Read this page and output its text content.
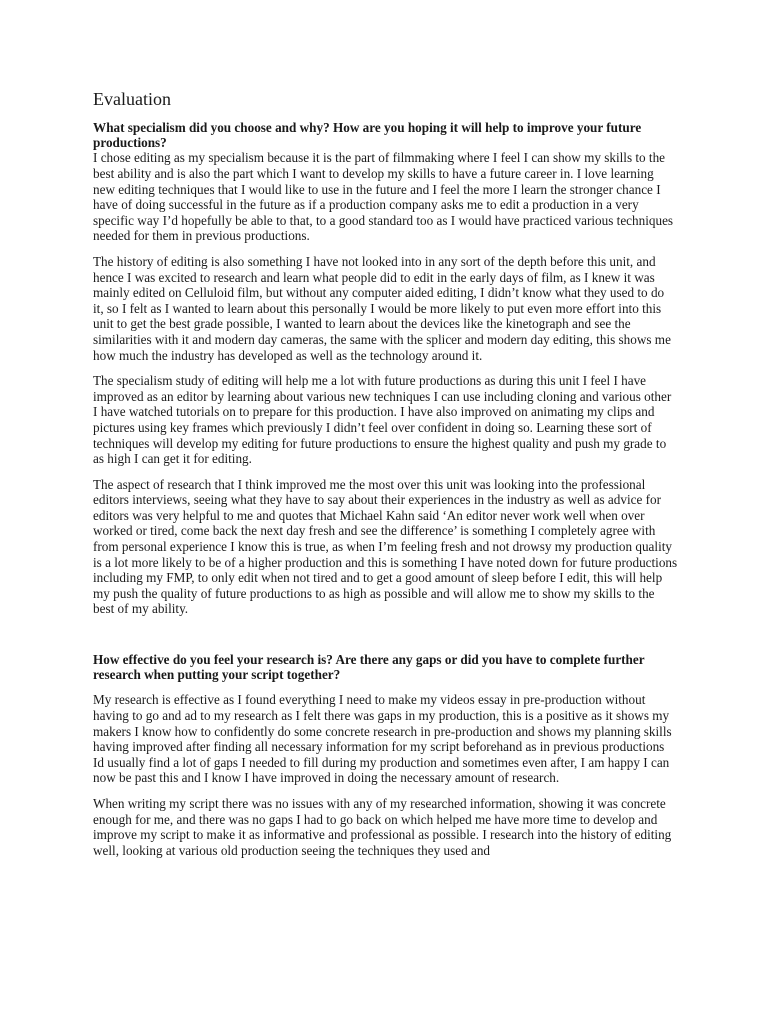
Evaluation
What specialism did you choose and why? How are you hoping it will help to improve your future productions?

I chose editing as my specialism because it is the part of filmmaking where I feel I can show my skills to the best ability and is also the part which I want to develop my skills to have a future career in. I love learning new editing techniques that I would like to use in the future and I feel the more I learn the stronger chance I have of doing successful in the future as if a production company asks me to edit a production in a very specific way I’d hopefully be able to that, to a good standard too as I would have practiced various techniques needed for them in previous productions.

The history of editing is also something I have not looked into in any sort of the depth before this unit, and hence I was excited to research and learn what people did to edit in the early days of film, as I knew it was mainly edited on Celluloid film, but without any computer aided editing, I didn’t know what they used to do it, so I felt as I wanted to learn about this personally I would be more likely to put even more effort into this unit to get the best grade possible, I wanted to learn about the devices like the kinetograph and see the similarities with it and modern day cameras, the same with the splicer and modern day editing, this shows me how much the industry has developed as well as the technology around it.

The specialism study of editing will help me a lot with future productions as during this unit I feel I have improved as an editor by learning about various new techniques I can use including cloning and various other I have watched tutorials on to prepare for this production. I have also improved on animating my clips and pictures using key frames which previously I didn’t feel over confident in doing so. Learning these sort of techniques will develop my editing for future productions to ensure the highest quality and push my grade to as high I can get it for editing.

The aspect of research that I think improved me the most over this unit was looking into the professional editors interviews, seeing what they have to say about their experiences in the industry as well as advice for editors was very helpful to me and quotes that Michael Kahn said ‘An editor never work well when over worked or tired, come back the next day fresh and see the difference’ is something I completely agree with from personal experience I know this is true, as when I’m feeling fresh and not drowsy my production quality is a lot more likely to be of a higher production and this is something I have noted down for future productions including my FMP, to only edit when not tired and to get a good amount of sleep before I edit, this will help my push the quality of future productions to as high as possible and will allow me to show my skills to the best of my ability.

How effective do you feel your research is? Are there any gaps or did you have to complete further research when putting your script together?

My research is effective as I found everything I need to make my videos essay in pre-production without having to go and ad to my research as I felt there was gaps in my production, this is a positive as it shows my makers I know how to confidently do some concrete research in pre-production and shows my planning skills having improved after finding all necessary information for my script beforehand as in previous productions Id usually find a lot of gaps I needed to fill during my production and sometimes even after, I am happy I can now be past this and I know I have improved in doing the necessary amount of research.

When writing my script there was no issues with any of my researched information, showing it was concrete enough for me, and there was no gaps I had to go back on which helped me have more time to develop and improve my script to make it as informative and professional as possible. I research into the history of editing well, looking at various old production seeing the techniques they used and
